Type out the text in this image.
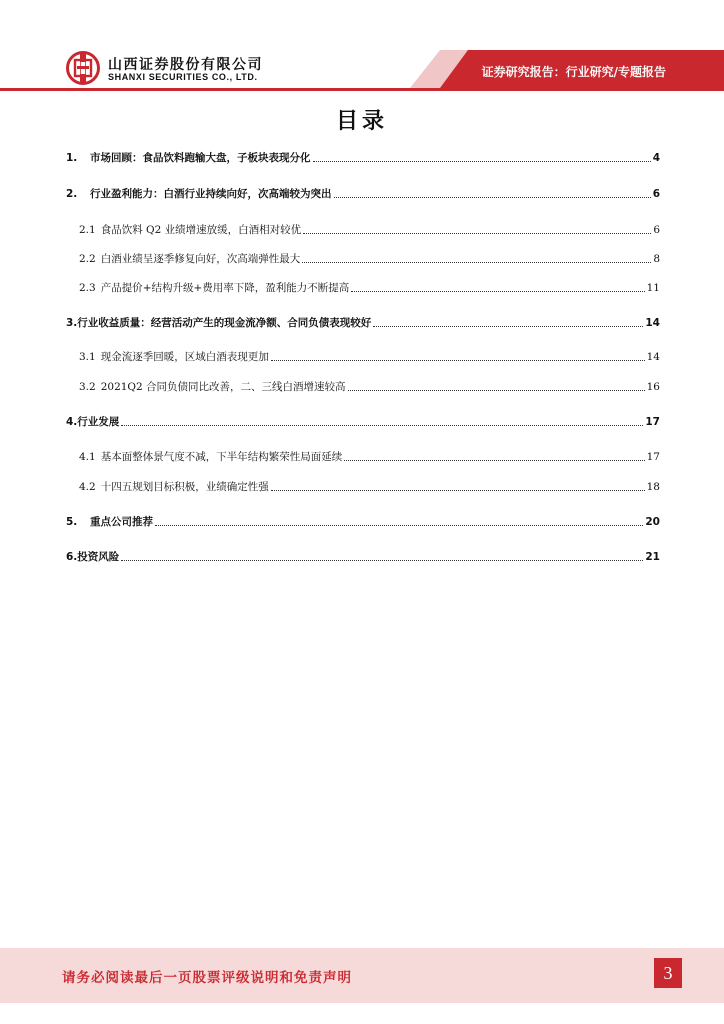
山西证券股份有限公司
SHANXI SECURITIES CO., LTD.	证券研究报告：行业研究/专题报告
目录
1.	市场回顾：食品饮料跑输大盘，子板块表现分化	4
2.	行业盈利能力：白酒行业持续向好，次高端较为突出	6
2.1 食品饮料 Q2 业绩增速放缓，白酒相对较优	6
2.2 白酒业绩呈逐季修复向好，次高端弹性最大	8
2.3 产品提价+结构升级+费用率下降，盈利能力不断提高	11
3. 行业收益质量：经营活动产生的现金流净额、合同负债表现较好	14
3.1 现金流逐季回暖，区域白酒表现更加	14
3.2 2021Q2 合同负债同比改善，二、三线白酒增速较高	16
4. 行业发展	17
4.1 基本面整体景气度不减，下半年结构繁荣性局面延续	17
4.2 十四五规划目标积极，业绩确定性强	18
5.	重点公司推荐	20
6. 投资风险	21
请务必阅读最后一页股票评级说明和免责声明	3
